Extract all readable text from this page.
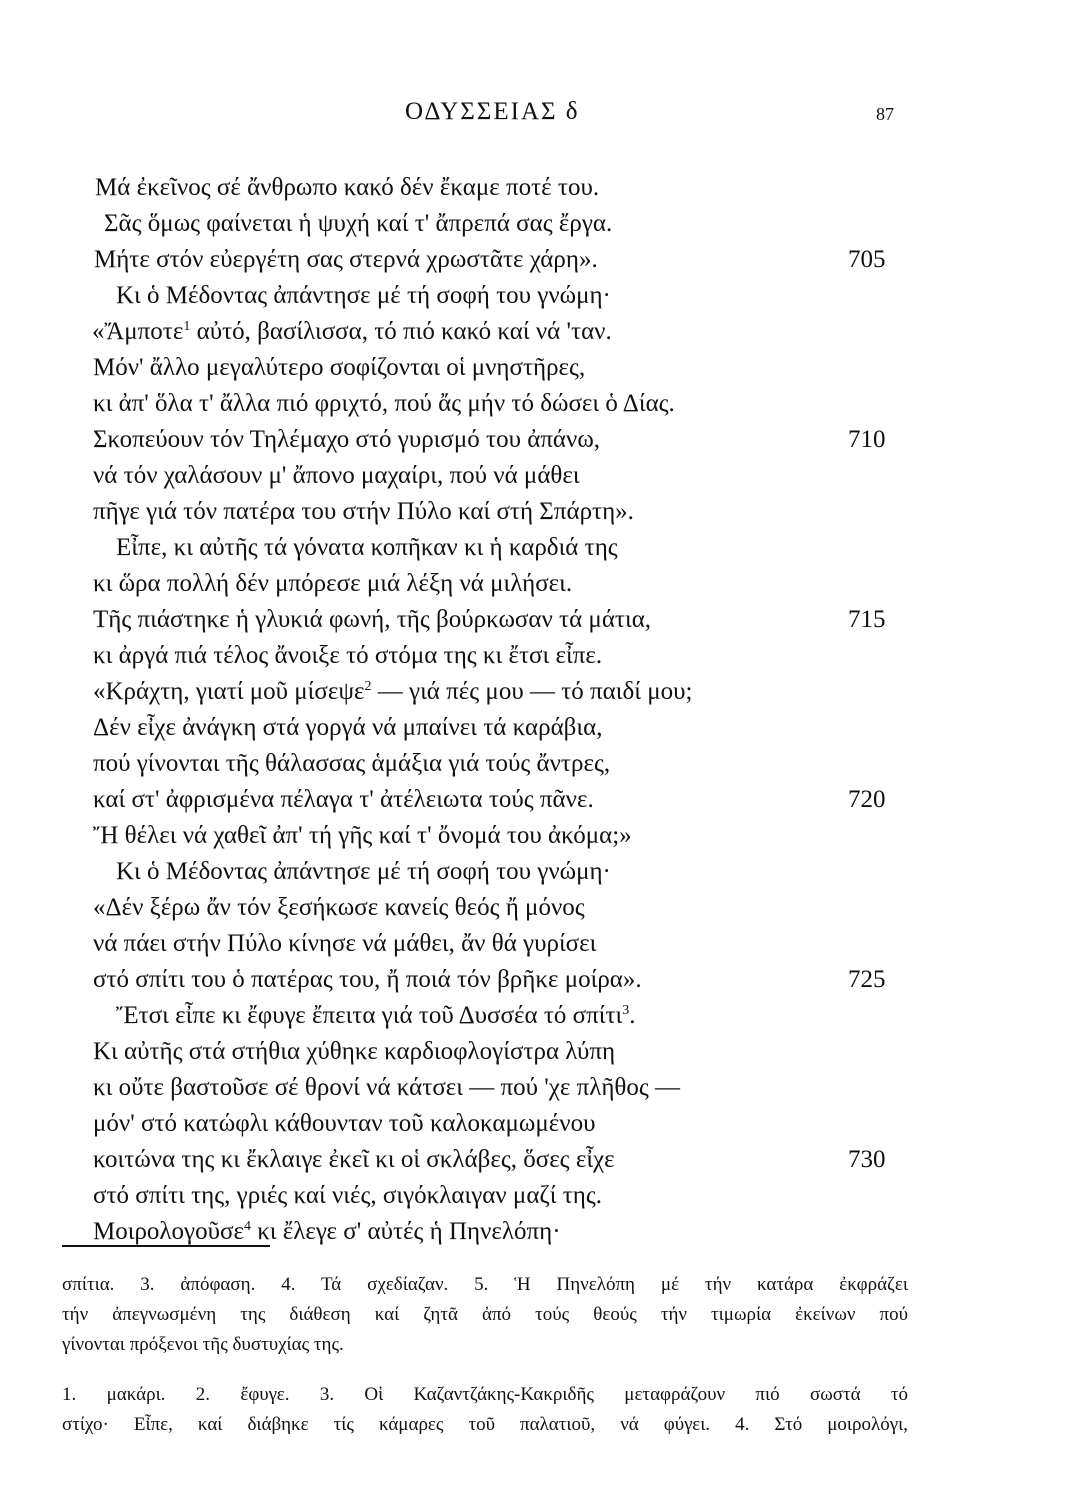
ΟΔΥΣΣΕΙΑΣ δ	87
Μά ἐκεῖνος σέ ἄνθρωπο κακό δέν ἔκαμε ποτέ του.
Σᾶς ὅμως φαίνεται ἡ ψυχή καί τ' ἄπρεπά σας ἔργα.
Μήτε στόν εὐεργέτη σας στερνά χρωστᾶτε χάρη».	705
Κι ὁ Μέδοντας ἀπάντησε μέ τή σοφή του γνώμη·
«Ἄμποτε$^1$ αὐτό, βασίλισσα, τό πιό κακό καί νά 'ταν.
Μόν' ἄλλο μεγαλύτερο σοφίζονται οἱ μνηστῆρες,
κι ἀπ' ὅλα τ' ἄλλα πιό φριχτό, πού ἄς μήν τό δώσει ὁ Δίας.
Σκοπεύουν τόν Τηλέμαχο στό γυρισμό του ἀπάνω,	710
νά τόν χαλάσουν μ' ἄπονο μαχαίρι, πού νά μάθει
πῆγε γιά τόν πατέρα του στήν Πύλο καί στή Σπάρτη».
Εἶπε, κι αὐτῆς τά γόνατα κοπῆκαν κι ἡ καρδιά της
κι ὥρα πολλή δέν μπόρεσε μιά λέξη νά μιλήσει.
Τῆς πιάστηκε ἡ γλυκιά φωνή, τῆς βούρκωσαν τά μάτια,	715
κι ἀργά πιά τέλος ἄνοιξε τό στόμα της κι ἔτσι εἶπε.
«Κράχτη, γιατί μοῦ μίσεψε$^2$ — γιά πές μου — τό παιδί μου;
Δέν εἶχε ἀνάγκη στά γοργά νά μπαίνει τά καράβια,
πού γίνονται τῆς θάλασσας ἁμάξια γιά τούς ἄντρες,
καί στ' ἀφρισμένα πέλαγα τ' ἀτέλειωτα τούς πᾶνε.	720
Ἤ θέλει νά χαθεῖ ἀπ' τή γῆς καί τ' ὄνομά του ἀκόμα;»
Κι ὁ Μέδοντας ἀπάντησε μέ τή σοφή του γνώμη·
«Δέν ξέρω ἄν τόν ξεσήκωσε κανείς θεός ἤ μόνος
νά πάει στήν Πύλο κίνησε νά μάθει, ἄν θά γυρίσει
στό σπίτι του ὁ πατέρας του, ἤ ποιά τόν βρῆκε μοίρα».	725
Ἔτσι εἶπε κι ἔφυγε ἔπειτα γιά τοῦ Δυσσέα τό σπίτι$^3$.
Κι αὐτῆς στά στήθια χύθηκε καρδιοφλογίστρα λύπη
κι οὔτε βαστοῦσε σέ θρονί νά κάτσει — πού 'χε πλῆθος —
μόν' στό κατώφλι κάθουνταν τοῦ καλοκαμωμένου
κοιτώνα της κι ἔκλαιγε ἐκεῖ κι οἱ σκλάβες, ὅσες εἶχε	730
στό σπίτι της, γριές καί νιές, σιγόκλαιγαν μαζί της.
Μοιρολογοῦσε$^4$ κι ἔλεγε σ' αὐτές ἡ Πηνελόπη·
σπίτια. 3. ἀπόφαση. 4. Τά σχεδίαζαν. 5. Ἡ Πηνελόπη μέ τήν κατάρα ἐκφράζει
τήν ἀπεγνωσμένη της διάθεση καί ζητᾶ ἀπό τούς θεούς τήν τιμωρία ἐκείνων πού
γίνονται πρόξενοι τῆς δυστυχίας της.
1. μακάρι. 2. ἔφυγε. 3. Οἱ Καζαντζάκης-Κακριδῆς μεταφράζουν πιό σωστά τό
στίχο· Εἶπε, καί διάβηκε τίς κάμαρες τοῦ παλατιοῦ, νά φύγει. 4. Στό μοιρολόγι,
